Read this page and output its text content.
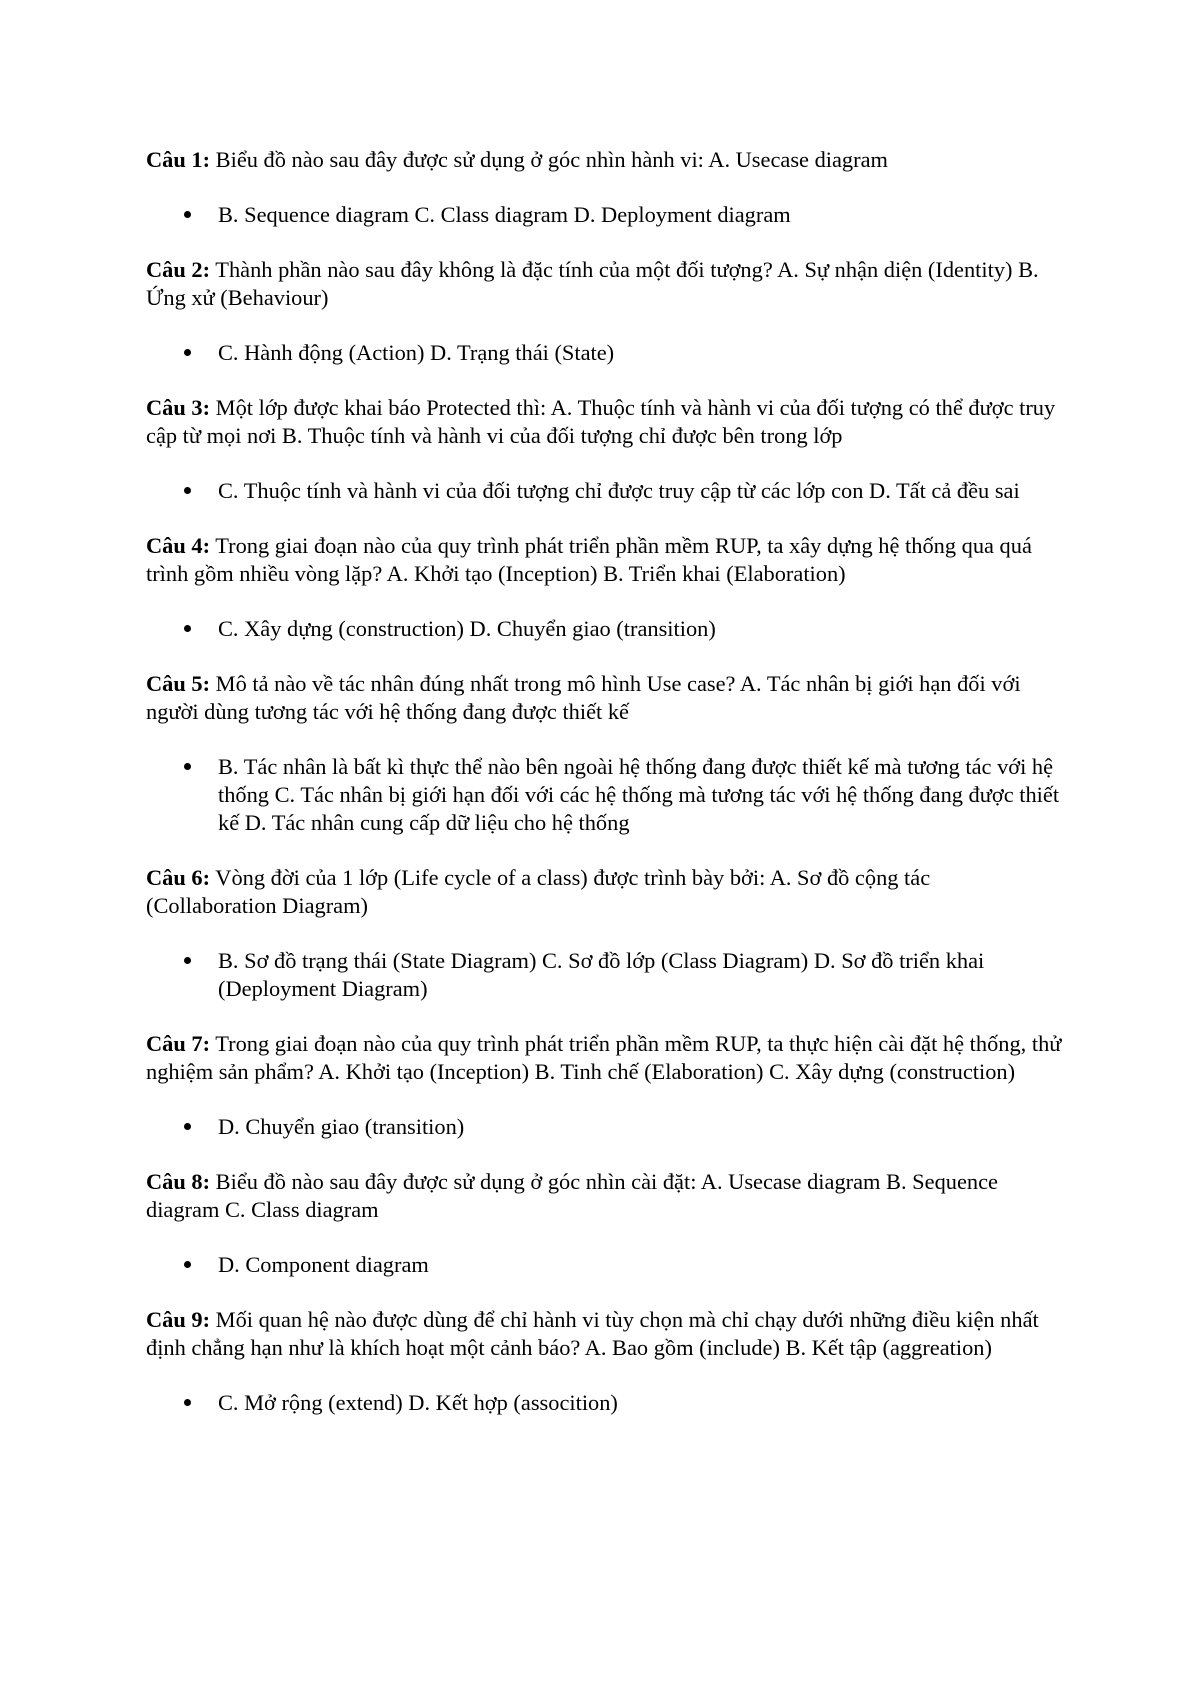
Câu 1: Biểu đồ nào sau đây được sử dụng ở góc nhìn hành vi: A. Usecase diagram

B. Sequence diagram C. Class diagram D. Deployment diagram

Câu 2: Thành phần nào sau đây không là đặc tính của một đối tượng? A. Sự nhận diện (Identity) B. Ứng xử (Behaviour)

C. Hành động (Action) D. Trạng thái (State)

Câu 3: Một lớp được khai báo Protected thì: A. Thuộc tính và hành vi của đối tượng có thể được truy cập từ mọi nơi B. Thuộc tính và hành vi của đối tượng chỉ được bên trong lớp

C. Thuộc tính và hành vi của đối tượng chỉ được truy cập từ các lớp con D. Tất cả đều sai

Câu 4: Trong giai đoạn nào của quy trình phát triển phần mềm RUP, ta xây dựng hệ thống qua quá trình gồm nhiều vòng lặp? A. Khởi tạo (Inception) B. Triển khai (Elaboration)

C. Xây dựng (construction) D. Chuyển giao (transition)

Câu 5: Mô tả nào về tác nhân đúng nhất trong mô hình Use case? A. Tác nhân bị giới hạn đối với người dùng tương tác với hệ thống đang được thiết kế

B. Tác nhân là bất kì thực thể nào bên ngoài hệ thống đang được thiết kế mà tương tác với hệ thống C. Tác nhân bị giới hạn đối với các hệ thống mà tương tác với hệ thống đang được thiết kế D. Tác nhân cung cấp dữ liệu cho hệ thống

Câu 6: Vòng đời của 1 lớp (Life cycle of a class) được trình bày bởi: A. Sơ đồ cộng tác (Collaboration Diagram)

B. Sơ đồ trạng thái (State Diagram) C. Sơ đồ lớp (Class Diagram) D. Sơ đồ triển khai (Deployment Diagram)

Câu 7: Trong giai đoạn nào của quy trình phát triển phần mềm RUP, ta thực hiện cài đặt hệ thống, thử nghiệm sản phẩm? A. Khởi tạo (Inception) B. Tinh chế (Elaboration) C. Xây dựng (construction)

D. Chuyển giao (transition)

Câu 8: Biểu đồ nào sau đây được sử dụng ở góc nhìn cài đặt: A. Usecase diagram B. Sequence diagram C. Class diagram

D. Component diagram

Câu 9: Mối quan hệ nào được dùng để chỉ hành vi tùy chọn mà chỉ chạy dưới những điều kiện nhất định chẳng hạn như là khích hoạt một cảnh báo? A. Bao gồm (include) B. Kết tập (aggreation)

C. Mở rộng (extend) D. Kết hợp (assocition)
